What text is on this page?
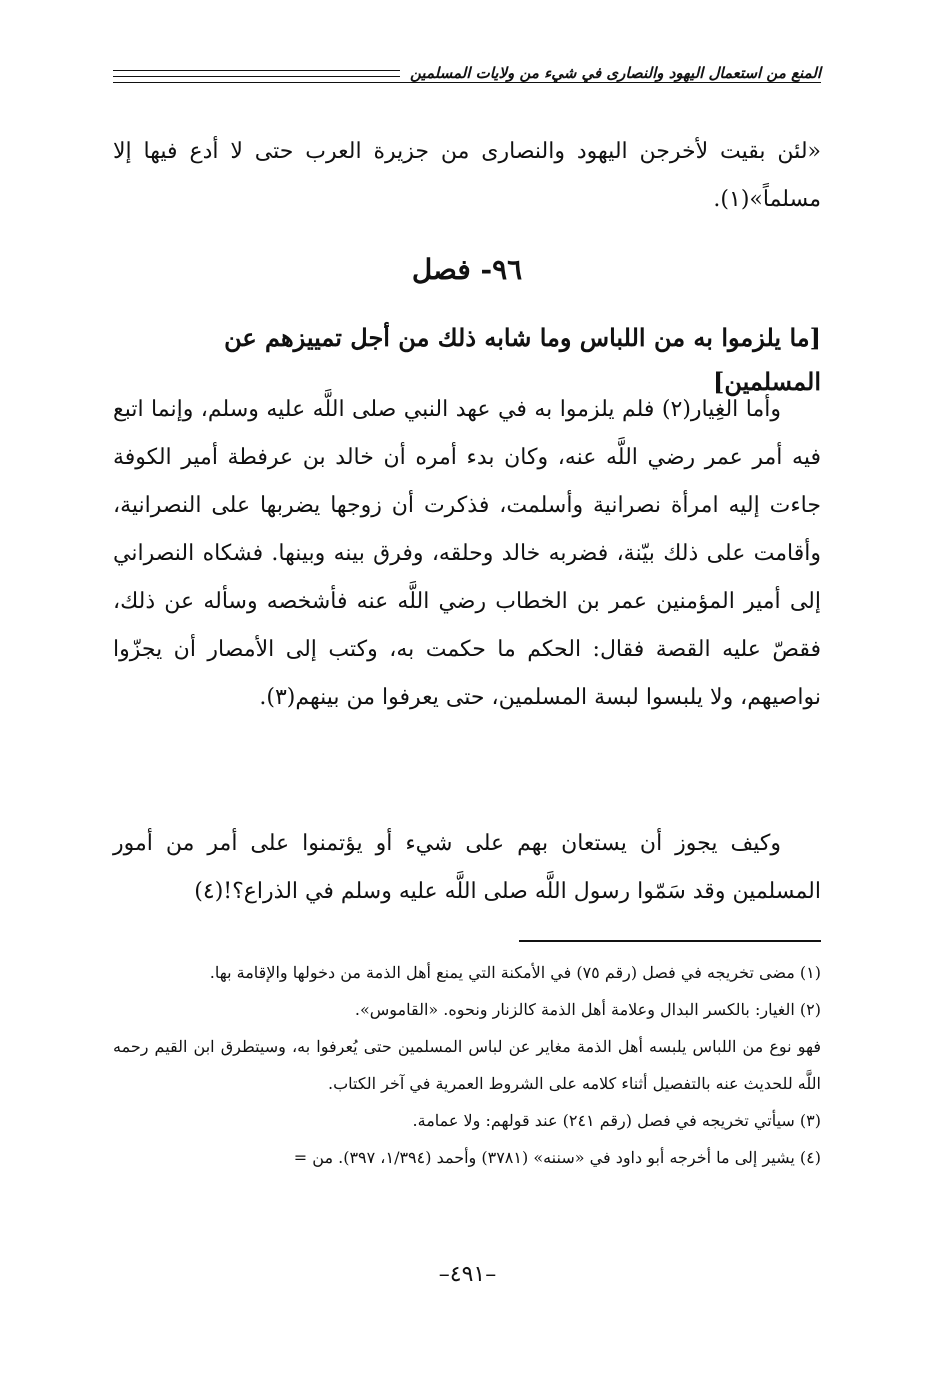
المنع من استعمال اليهود والنصارى في شيء من ولايات المسلمين

«لئن بقيت لأخرجن اليهود والنصارى من جزيرة العرب حتى لا أدع فيها إلا مسلماً»(١).

٩٦- فصل
[ما يلزموا به من اللباس وما شابه ذلك من أجل تمييزهم عن المسلمين]

وأما الغِيار(٢) فلم يلزموا به في عهد النبي صلى اللَّه عليه وسلم، وإنما اتبع فيه أمر عمر رضي اللَّه عنه، وكان بدء أمره أن خالد بن عرفطة أمير الكوفة جاءت إليه امرأة نصرانية وأسلمت، فذكرت أن زوجها يضربها على النصرانية، وأقامت على ذلك بيّنة، فضربه خالد وحلقه، وفرق بينه وبينها. فشكاه النصراني إلى أمير المؤمنين عمر بن الخطاب رضي اللَّه عنه فأشخصه وسأله عن ذلك، فقصّ عليه القصة فقال: الحكم ما حكمت به، وكتب إلى الأمصار أن يجزّوا نواصيهم، ولا يلبسوا لبسة المسلمين، حتى يعرفوا من بينهم(٣).

وكيف يجوز أن يستعان بهم على شيء أو يؤتمنوا على أمر من أمور المسلمين وقد سَمّوا رسول اللَّه صلى اللَّه عليه وسلم في الذراع؟!(٤)

(١) مضى تخريجه في فصل (رقم ٧٥) في الأمكنة التي يمنع أهل الذمة من دخولها والإقامة بها.

(٢) الغيار: بالكسر البدال وعلامة أهل الذمة كالزنار ونحوه. «القاموس».

فهو نوع من اللباس يلبسه أهل الذمة مغاير عن لباس المسلمين حتى يُعرفوا به، وسيتطرق ابن القيم رحمه اللَّه للحديث عنه بالتفصيل أثناء كلامه على الشروط العمرية في آخر الكتاب.

(٣) سيأتي تخريجه في فصل (رقم ٢٤١) عند قولهم: ولا عمامة.

(٤) يشير إلى ما أخرجه أبو داود في «سننه» (٣٧٨١) وأحمد (١/٣٩٤، ٣٩٧). من =

–٤٩١–
